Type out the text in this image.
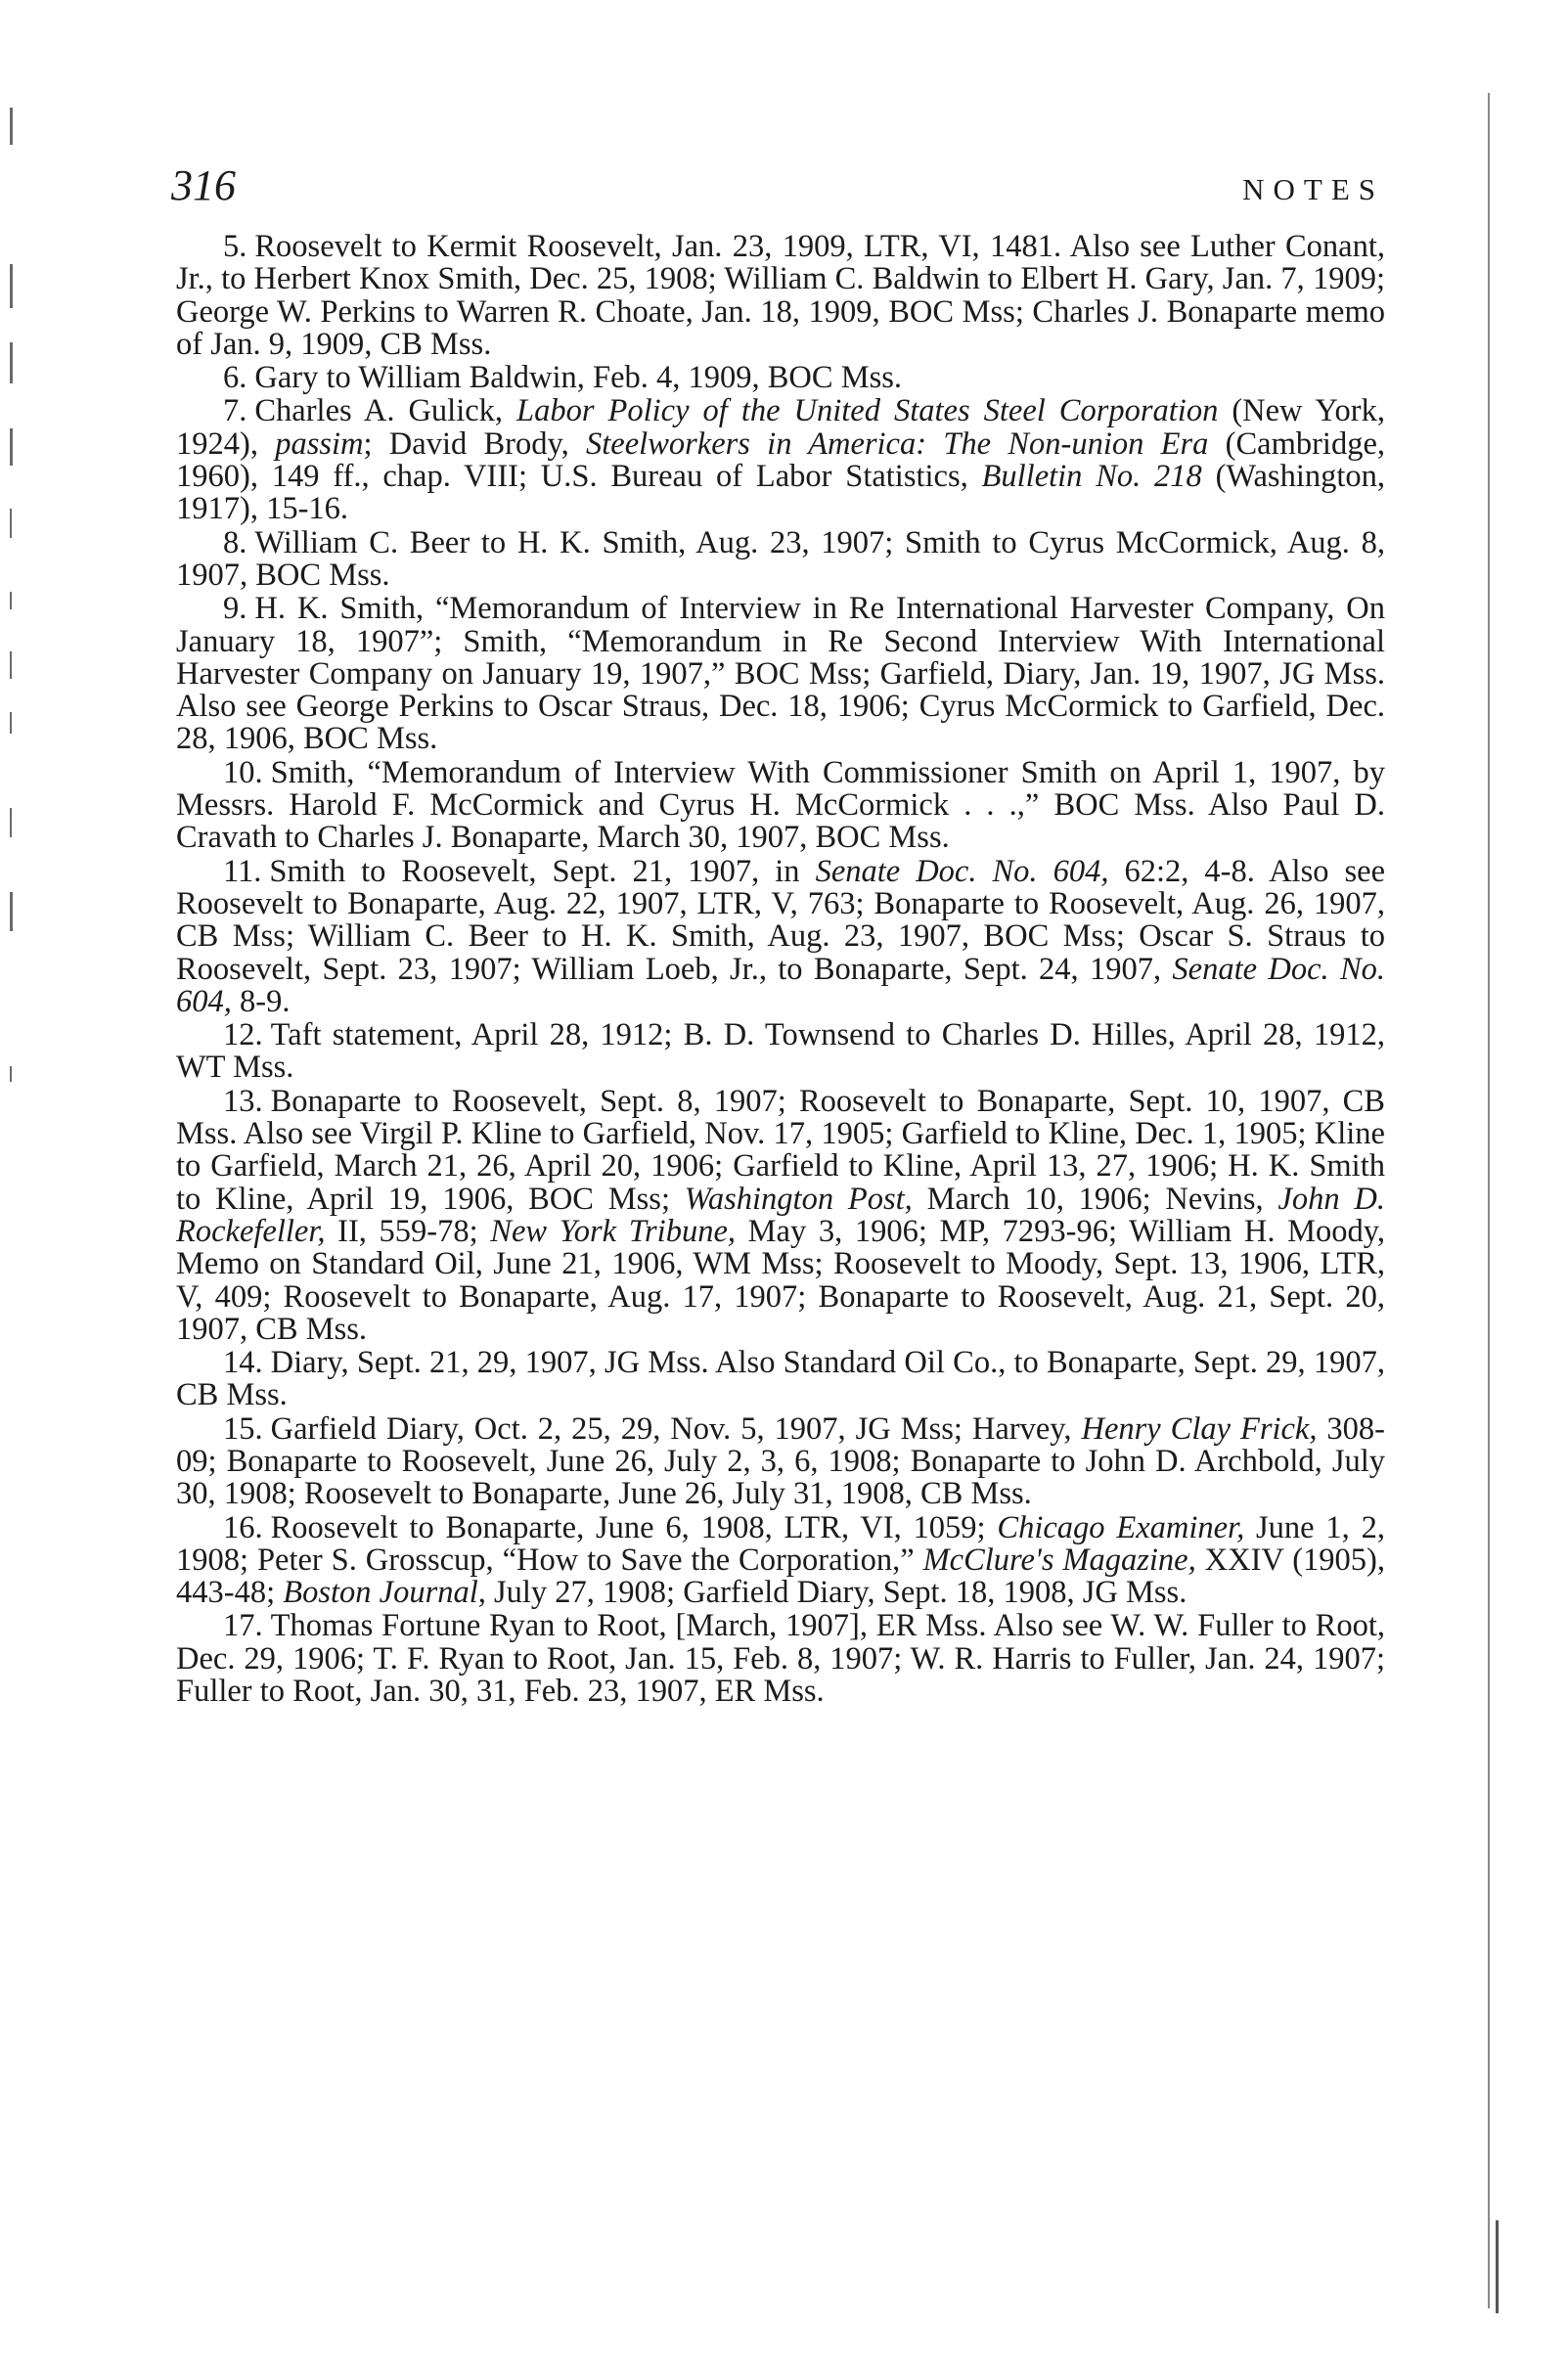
316	NOTES

5. Roosevelt to Kermit Roosevelt, Jan. 23, 1909, LTR, VI, 1481. Also see Luther Conant, Jr., to Herbert Knox Smith, Dec. 25, 1908; William C. Baldwin to Elbert H. Gary, Jan. 7, 1909; George W. Perkins to Warren R. Choate, Jan. 18, 1909, BOC Mss; Charles J. Bonaparte memo of Jan. 9, 1909, CB Mss.

6. Gary to William Baldwin, Feb. 4, 1909, BOC Mss.

7. Charles A. Gulick, Labor Policy of the United States Steel Corporation (New York, 1924), passim; David Brody, Steelworkers in America: The Non-union Era (Cambridge, 1960), 149 ff., chap. VIII; U.S. Bureau of Labor Statistics, Bulletin No. 218 (Washington, 1917), 15-16.

8. William C. Beer to H. K. Smith, Aug. 23, 1907; Smith to Cyrus McCormick, Aug. 8, 1907, BOC Mss.

9. H. K. Smith, “Memorandum of Interview in Re International Harvester Company, On January 18, 1907”; Smith, “Memorandum in Re Second Interview With International Harvester Company on January 19, 1907,” BOC Mss; Garfield, Diary, Jan. 19, 1907, JG Mss. Also see George Perkins to Oscar Straus, Dec. 18, 1906; Cyrus McCormick to Garfield, Dec. 28, 1906, BOC Mss.

10. Smith, “Memorandum of Interview With Commissioner Smith on April 1, 1907, by Messrs. Harold F. McCormick and Cyrus H. McCormick . . .,” BOC Mss. Also Paul D. Cravath to Charles J. Bonaparte, March 30, 1907, BOC Mss.

11. Smith to Roosevelt, Sept. 21, 1907, in Senate Doc. No. 604, 62:2, 4-8. Also see Roosevelt to Bonaparte, Aug. 22, 1907, LTR, V, 763; Bonaparte to Roosevelt, Aug. 26, 1907, CB Mss; William C. Beer to H. K. Smith, Aug. 23, 1907, BOC Mss; Oscar S. Straus to Roosevelt, Sept. 23, 1907; William Loeb, Jr., to Bonaparte, Sept. 24, 1907, Senate Doc. No. 604, 8-9.

12. Taft statement, April 28, 1912; B. D. Townsend to Charles D. Hilles, April 28, 1912, WT Mss.

13. Bonaparte to Roosevelt, Sept. 8, 1907; Roosevelt to Bonaparte, Sept. 10, 1907, CB Mss. Also see Virgil P. Kline to Garfield, Nov. 17, 1905; Garfield to Kline, Dec. 1, 1905; Kline to Garfield, March 21, 26, April 20, 1906; Garfield to Kline, April 13, 27, 1906; H. K. Smith to Kline, April 19, 1906, BOC Mss; Washington Post, March 10, 1906; Nevins, John D. Rockefeller, II, 559-78; New York Tribune, May 3, 1906; MP, 7293-96; William H. Moody, Memo on Standard Oil, June 21, 1906, WM Mss; Roosevelt to Moody, Sept. 13, 1906, LTR, V, 409; Roosevelt to Bonaparte, Aug. 17, 1907; Bonaparte to Roosevelt, Aug. 21, Sept. 20, 1907, CB Mss.

14. Diary, Sept. 21, 29, 1907, JG Mss. Also Standard Oil Co., to Bonaparte, Sept. 29, 1907, CB Mss.

15. Garfield Diary, Oct. 2, 25, 29, Nov. 5, 1907, JG Mss; Harvey, Henry Clay Frick, 308-09; Bonaparte to Roosevelt, June 26, July 2, 3, 6, 1908; Bonaparte to John D. Archbold, July 30, 1908; Roosevelt to Bonaparte, June 26, July 31, 1908, CB Mss.

16. Roosevelt to Bonaparte, June 6, 1908, LTR, VI, 1059; Chicago Examiner, June 1, 2, 1908; Peter S. Grosscup, “How to Save the Corporation,” McClure's Magazine, XXIV (1905), 443-48; Boston Journal, July 27, 1908; Garfield Diary, Sept. 18, 1908, JG Mss.

17. Thomas Fortune Ryan to Root, [March, 1907], ER Mss. Also see W. W. Fuller to Root, Dec. 29, 1906; T. F. Ryan to Root, Jan. 15, Feb. 8, 1907; W. R. Harris to Fuller, Jan. 24, 1907; Fuller to Root, Jan. 30, 31, Feb. 23, 1907, ER Mss.
